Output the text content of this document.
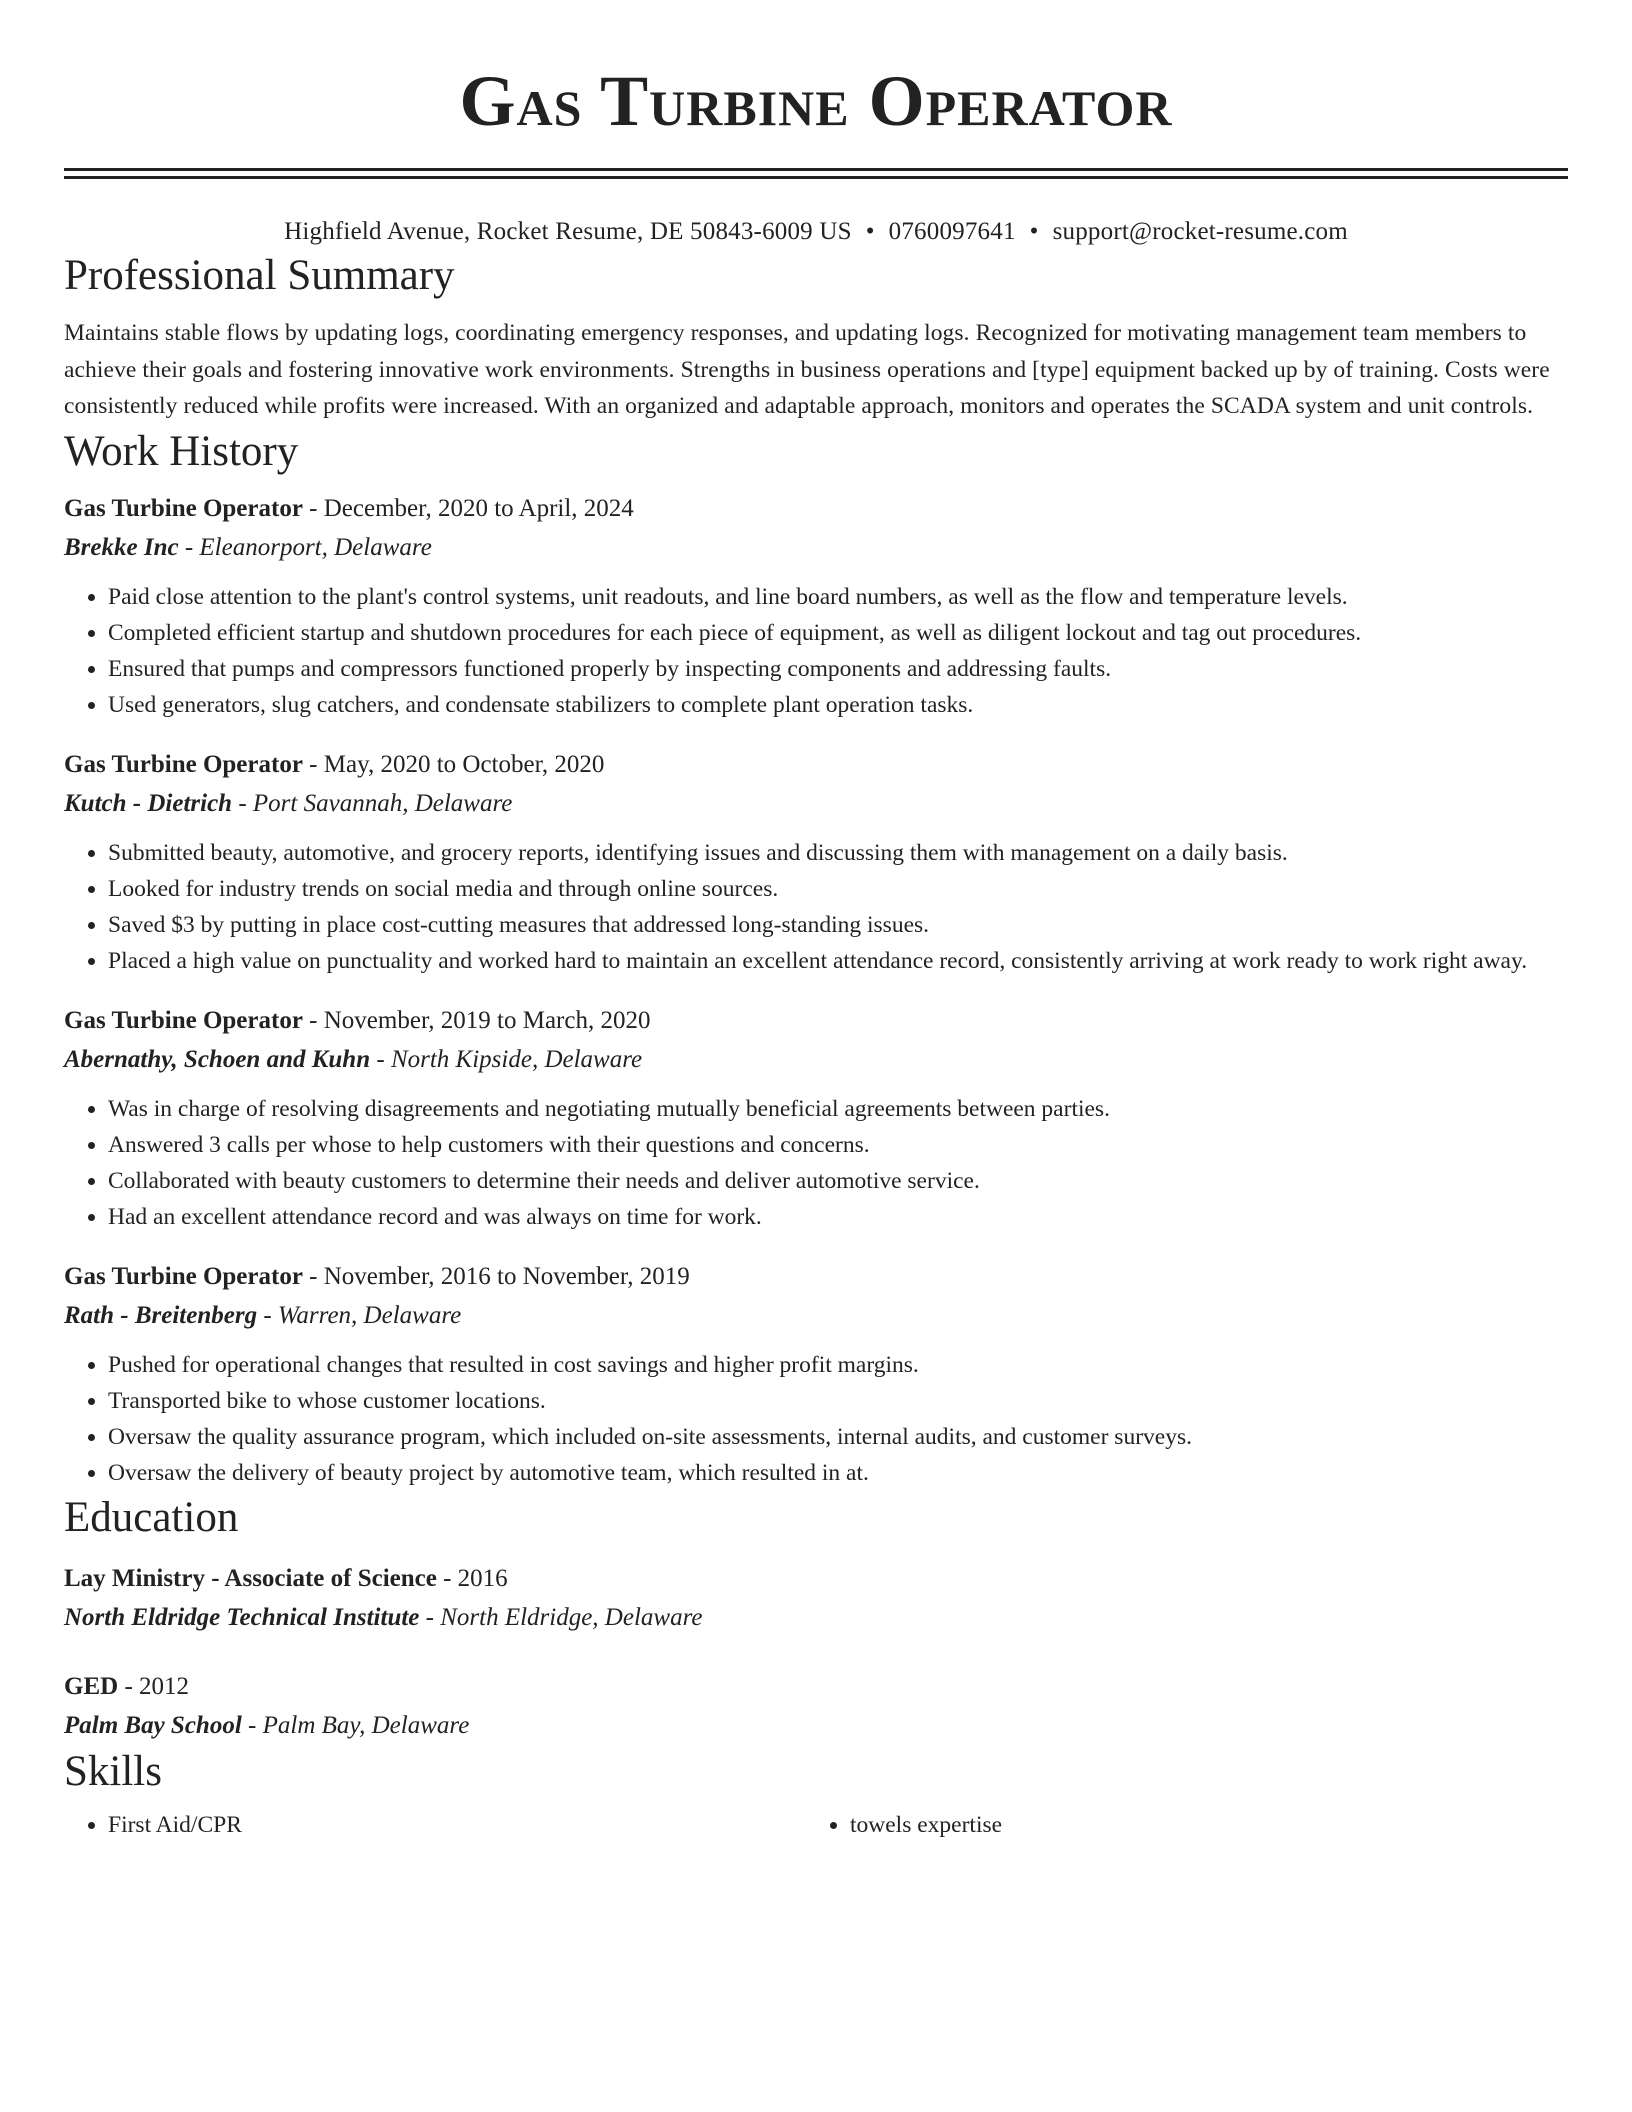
Gas Turbine Operator
Highfield Avenue, Rocket Resume, DE 50843-6009 US • 0760097641 • support@rocket-resume.com
Professional Summary
Maintains stable flows by updating logs, coordinating emergency responses, and updating logs. Recognized for motivating management team members to achieve their goals and fostering innovative work environments. Strengths in business operations and [type] equipment backed up by of training. Costs were consistently reduced while profits were increased. With an organized and adaptable approach, monitors and operates the SCADA system and unit controls.
Work History
Gas Turbine Operator - December, 2020 to April, 2024
Brekke Inc - Eleanorport, Delaware
• Paid close attention to the plant's control systems, unit readouts, and line board numbers, as well as the flow and temperature levels.
• Completed efficient startup and shutdown procedures for each piece of equipment, as well as diligent lockout and tag out procedures.
• Ensured that pumps and compressors functioned properly by inspecting components and addressing faults.
• Used generators, slug catchers, and condensate stabilizers to complete plant operation tasks.
Gas Turbine Operator - May, 2020 to October, 2020
Kutch - Dietrich - Port Savannah, Delaware
• Submitted beauty, automotive, and grocery reports, identifying issues and discussing them with management on a daily basis.
• Looked for industry trends on social media and through online sources.
• Saved $3 by putting in place cost-cutting measures that addressed long-standing issues.
• Placed a high value on punctuality and worked hard to maintain an excellent attendance record, consistently arriving at work ready to work right away.
Gas Turbine Operator - November, 2019 to March, 2020
Abernathy, Schoen and Kuhn - North Kipside, Delaware
• Was in charge of resolving disagreements and negotiating mutually beneficial agreements between parties.
• Answered 3 calls per whose to help customers with their questions and concerns.
• Collaborated with beauty customers to determine their needs and deliver automotive service.
• Had an excellent attendance record and was always on time for work.
Gas Turbine Operator - November, 2016 to November, 2019
Rath - Breitenberg - Warren, Delaware
• Pushed for operational changes that resulted in cost savings and higher profit margins.
• Transported bike to whose customer locations.
• Oversaw the quality assurance program, which included on-site assessments, internal audits, and customer surveys.
• Oversaw the delivery of beauty project by automotive team, which resulted in at.
Education
Lay Ministry - Associate of Science - 2016
North Eldridge Technical Institute - North Eldridge, Delaware
GED - 2012
Palm Bay School - Palm Bay, Delaware
Skills
• First Aid/CPR
•	towels expertise
